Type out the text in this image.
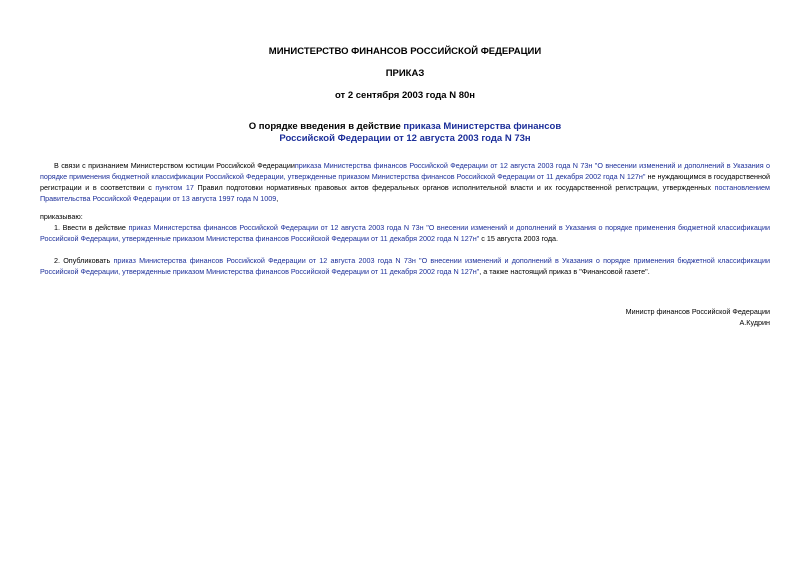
МИНИСТЕРСТВО ФИНАНСОВ РОССИЙСКОЙ ФЕДЕРАЦИИ
ПРИКАЗ
от 2 сентября 2003 года N 80н
О порядке введения в действие приказа Министерства финансов
Российской Федерации от 12 августа 2003 года N 73н
В связи с признанием Министерством юстиции Российской Федерацииприказа Министерства финансов Российской Федерации от 12 августа 2003 года N 73н "О внесении изменений и дополнений в Указания о порядке применения бюджетной классификации Российской Федерации, утвержденные приказом Министерства финансов Российской Федерации от 11 декабря 2002 года N 127н" не нуждающимся в государственной регистрации и в соответствии с пунктом 17 Правил подготовки нормативных правовых актов федеральных органов исполнительной власти и их государственной регистрации, утвержденных постановлением Правительства Российской Федерации от 13 августа 1997 года N 1009,
приказываю:
1. Ввести в действие приказ Министерства финансов Российской Федерации от 12 августа 2003 года N 73н "О внесении изменений и дополнений в Указания о порядке применения бюджетной классификации Российской Федерации, утвержденные приказом Министерства финансов Российской Федерации от 11 декабря 2002 года N 127н" с 15 августа 2003 года.
2. Опубликовать приказ Министерства финансов Российской Федерации от 12 августа 2003 года N 73н "О внесении изменений и дополнений в Указания о порядке применения бюджетной классификации Российской Федерации, утвержденные приказом Министерства финансов Российской Федерации от 11 декабря 2002 года N 127н", а также настоящий приказ в "Финансовой газете".
Министр финансов Российской Федерации
А.Кудрин
